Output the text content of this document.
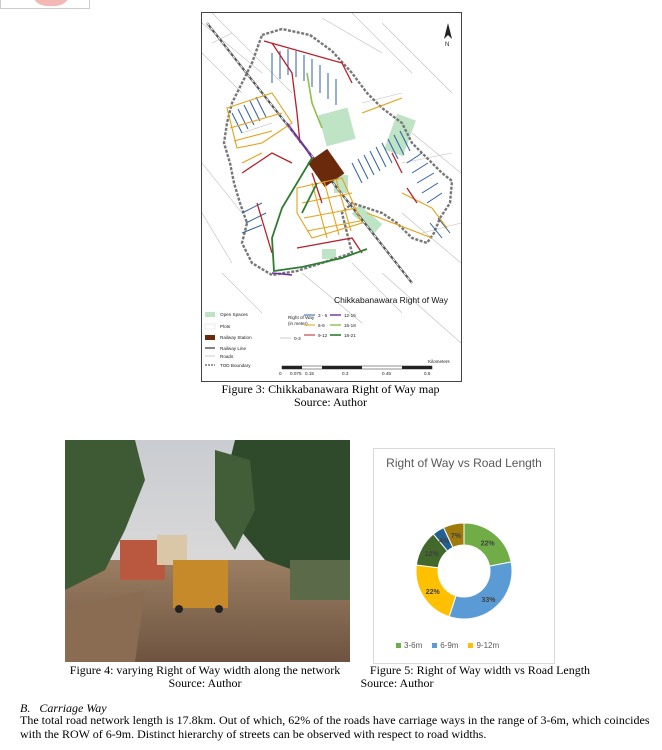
N
Chikkabanawara Right of Way
Open Spaces
Plots
Railway Station
Railway Line
Roads
TOD Boundary
Right of Way
(in meter)
3 - 6
6-9
9-12
0-3
12-15
15-18
18-21
0 0.075 0.15	0.3	0.45	0.6
Kilometers
Figure 3: Chikkabanawara Right of Way map
Source: Author
Figure 4: varying Right of Way width along the network
Source: Author
Right of Way vs Road Length
22%
33%
22%
12%
4%
7%
3-6m	6-9m	9-12m
Figure 5: Right of Way width vs Road Length
Source: Author
B. Carriage Way
The total road network length is 17.8km. Out of which, 62% of the roads have carriage ways in the range of 3-6m, which coincides with the ROW of 6-9m. Distinct hierarchy of streets can be observed with respect to road widths.
